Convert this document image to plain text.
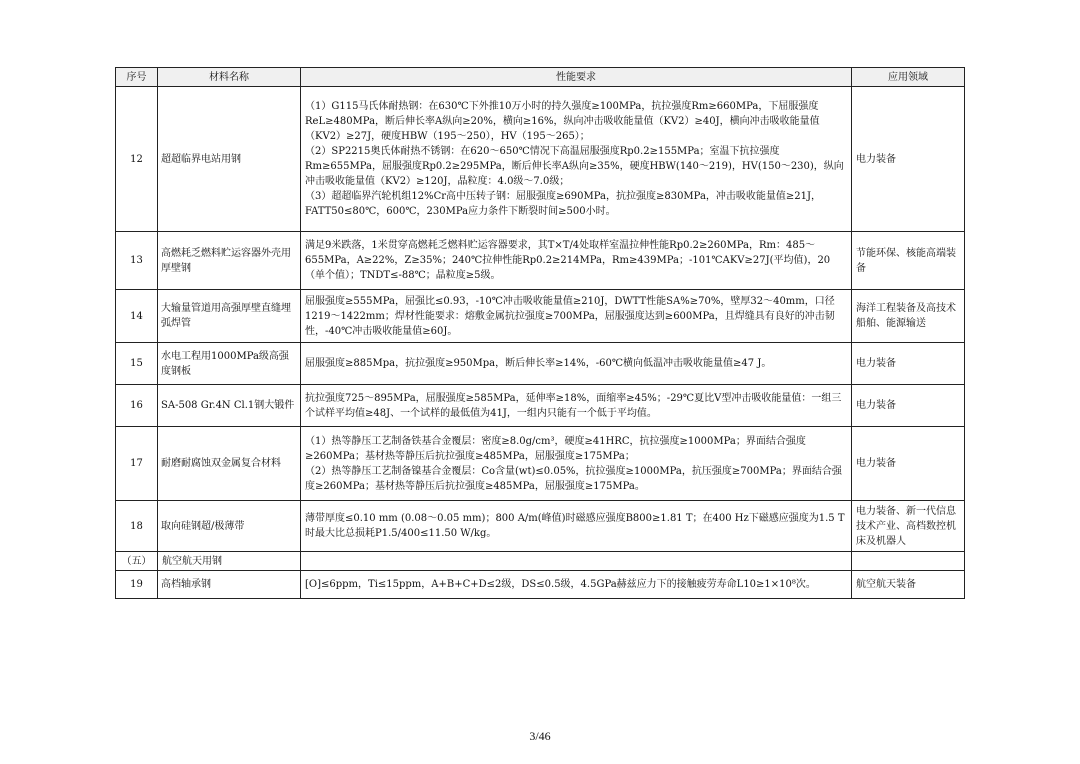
序号	材料名称	性能要求	应用领域
12	超超临界电站用钢	（1）G115马氏体耐热钢：在630℃下外推10万小时的持久强度≥100MPa，抗拉强度Rm≥660MPa，下屈服强度ReL≥480MPa，断后伸长率A纵向≥20%，横向≥16%，纵向冲击吸收能量值（KV2）≥40J，横向冲击吸收能量值（KV2）≥27J，硬度HBW（195～250），HV（195～265）；
（2）SP2215奥氏体耐热不锈钢：在620～650℃情况下高温屈服强度Rp0.2≥155MPa；室温下抗拉强度Rm≥655MPa，屈服强度Rp0.2≥295MPa，断后伸长率A纵向≥35%，硬度HBW(140～219)，HV(150～230)，纵向冲击吸收能量值（KV2）≥120J，晶粒度：4.0级～7.0级；
（3）超超临界汽轮机组12%Cr高中压转子钢：屈服强度≥690MPa，抗拉强度≥830MPa，冲击吸收能量值≥21J，FATT50≤80℃，600℃，230MPa应力条件下断裂时间≥500小时。	电力装备
13	高燃耗乏燃料贮运容器外壳用厚壁钢	满足9米跌落，1米贯穿高燃耗乏燃料贮运容器要求，其T×T/4处取样室温拉伸性能Rp0.2≥260MPa，Rm：485～655MPa，A≥22%，Z≥35%；240℃拉伸性能Rp0.2≥214MPa，Rm≥439MPa；-101℃AKV≥27J(平均值)，20（单个值）；TNDT≤-88℃；晶粒度≥5级。	节能环保、核能高端装备
14	大输量管道用高强厚壁直缝埋弧焊管	屈服强度≥555MPa，屈强比≤0.93，-10℃冲击吸收能量值≥210J，DWTT性能SA%≥70%，壁厚32～40mm，口径1219～1422mm；焊材性能要求：熔敷金属抗拉强度≥700MPa，屈服强度达到≥600MPa，且焊缝具有良好的冲击韧性，-40℃冲击吸收能量值≥60J。	海洋工程装备及高技术船舶、能源输送
15	水电工程用1000MPa级高强度钢板	屈服强度≥885Mpa，抗拉强度≥950Mpa，断后伸长率≥14%，-60℃横向低温冲击吸收能量值≥47 J。	电力装备
16	SA-508 Gr.4N Cl.1钢大锻件	抗拉强度725～895MPa，屈服强度≥585MPa，延伸率≥18%，面缩率≥45%；-29℃夏比V型冲击吸收能量值：一组三个试样平均值≥48J、一个试样的最低值为41J，一组内只能有一个低于平均值。	电力装备
17	耐磨耐腐蚀双金属复合材料	（1）热等静压工艺制备铁基合金覆层：密度≥8.0g/cm³，硬度≥41HRC，抗拉强度≥1000MPa；界面结合强度≥260MPa；基材热等静压后抗拉强度≥485MPa，屈服强度≥175MPa；
（2）热等静压工艺制备镍基合金覆层：Co含量(wt)≤0.05%，抗拉强度≥1000MPa，抗压强度≥700MPa；界面结合强度≥260MPa；基材热等静压后抗拉强度≥485MPa，屈服强度≥175MPa。	电力装备
18	取向硅钢超/极薄带	薄带厚度≤0.10 mm (0.08～0.05 mm)；800 A/m(峰值)时磁感应强度B800≥1.81 T；在400 Hz下磁感应强度为1.5 T时最大比总损耗P1.5/400≤11.50 W/kg。	电力装备、新一代信息技术产业、高档数控机床及机器人
（五）	航空航天用钢		
19	高档轴承钢	[O]≤6ppm，Ti≤15ppm，A+B+C+D≤2级，DS≤0.5级，4.5GPa赫兹应力下的接触疲劳寿命L10≥1×10⁸次。	航空航天装备
3/46
